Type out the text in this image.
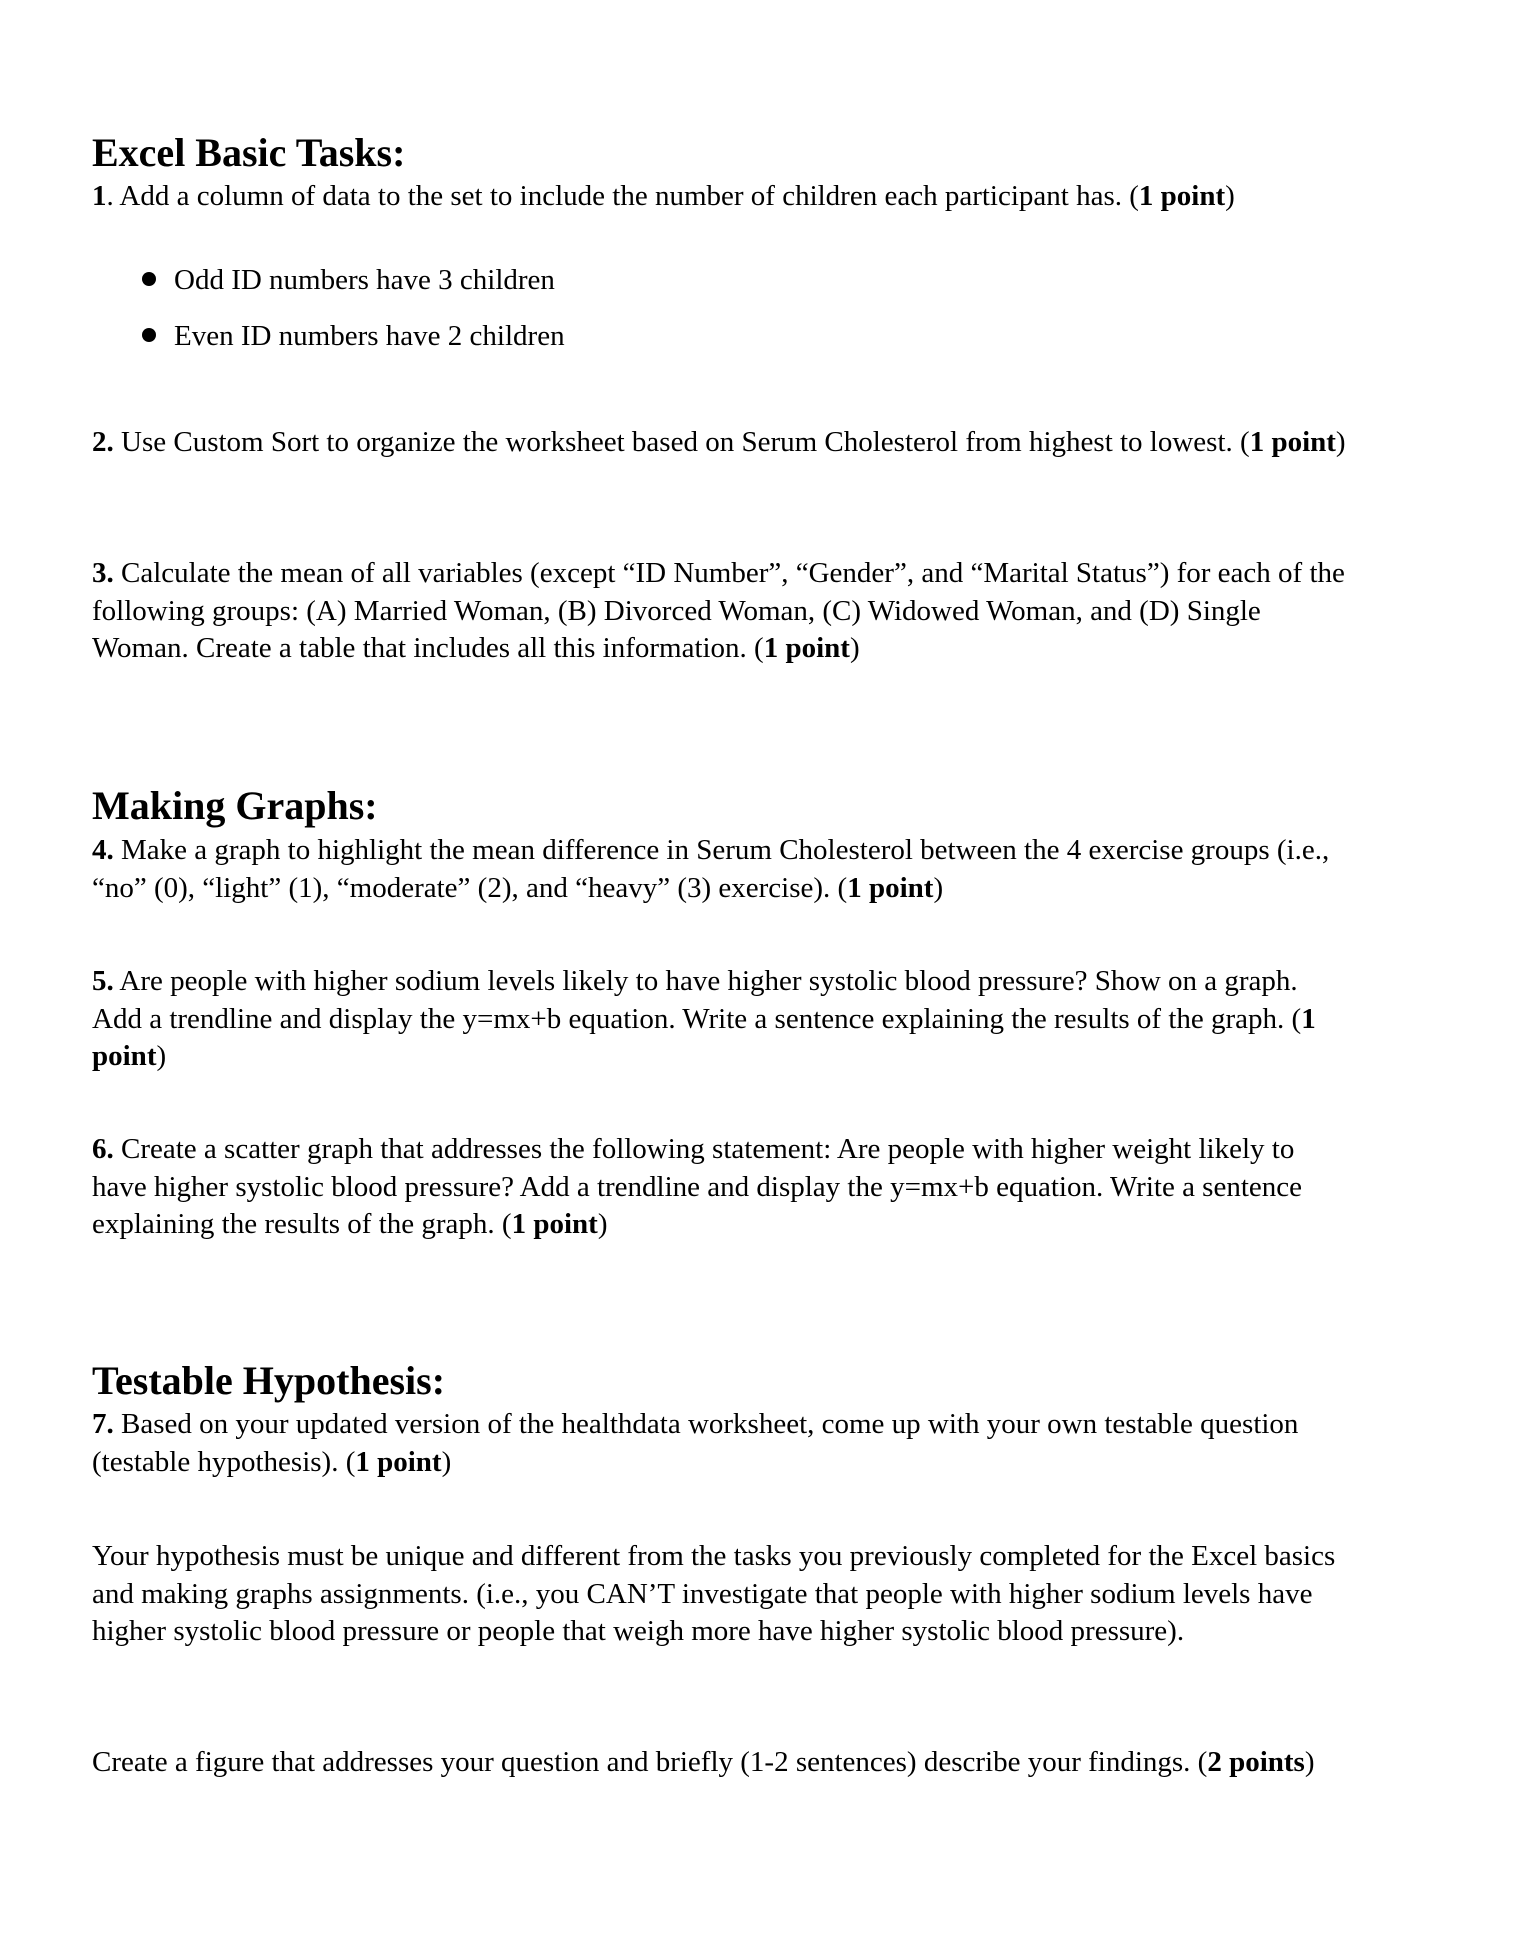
Excel Basic Tasks:

1. Add a column of data to the set to include the number of children each participant has. (1 point)

Odd ID numbers have 3 children
Even ID numbers have 2 children

2. Use Custom Sort to organize the worksheet based on Serum Cholesterol from highest to lowest. (1 point)

3. Calculate the mean of all variables (except “ID Number”, “Gender”, and “Marital Status”) for each of the following groups: (A) Married Woman, (B) Divorced Woman, (C) Widowed Woman, and (D) Single Woman. Create a table that includes all this information. (1 point)

Making Graphs:

4. Make a graph to highlight the mean difference in Serum Cholesterol between the 4 exercise groups (i.e., “no” (0), “light” (1), “moderate” (2), and “heavy” (3) exercise). (1 point)

5. Are people with higher sodium levels likely to have higher systolic blood pressure? Show on a graph. Add a trendline and display the y=mx+b equation. Write a sentence explaining the results of the graph. (1 point)

6. Create a scatter graph that addresses the following statement: Are people with higher weight likely to have higher systolic blood pressure? Add a trendline and display the y=mx+b equation. Write a sentence explaining the results of the graph. (1 point)

Testable Hypothesis:

7. Based on your updated version of the healthdata worksheet, come up with your own testable question (testable hypothesis). (1 point)

Your hypothesis must be unique and different from the tasks you previously completed for the Excel basics and making graphs assignments. (i.e., you CAN’T investigate that people with higher sodium levels have higher systolic blood pressure or people that weigh more have higher systolic blood pressure).

Create a figure that addresses your question and briefly (1-2 sentences) describe your findings. (2 points)
